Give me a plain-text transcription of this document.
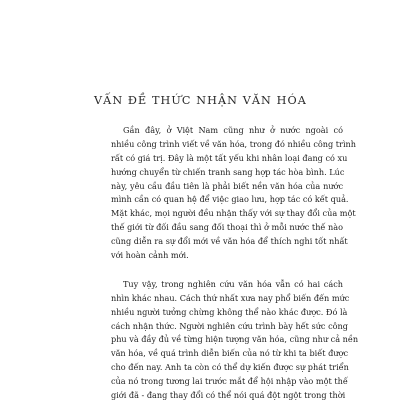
VẤN ĐỀ THỨC NHẬN VĂN HÓA
Gần đây, ở Việt Nam cũng như ở nước ngoài có
nhiều công trình viết về văn hóa, trong đó nhiều công trình
rất có giá trị. Đây là một tất yếu khi nhân loại đang có xu
hướng chuyển từ chiến tranh sang hợp tác hòa bình. Lúc
này, yêu cầu đầu tiên là phải biết nền văn hóa của nước
mình cần có quan hệ để việc giao lưu, hợp tác có kết quả.
Mặt khác, mọi người đều nhận thấy với sự thay đổi của một
thế giới từ đối đầu sang đối thoại thì ở mỗi nước thế nào
cũng diễn ra sự đổi mới về văn hóa để thích nghi tốt nhất
với hoàn cảnh mới.
Tuy vậy, trong nghiên cứu văn hóa vẫn có hai cách
nhìn khác nhau. Cách thứ nhất xưa nay phổ biến đến mức
nhiều người tưởng chừng không thể nào khác được. Đó là
cách nhận thức. Người nghiên cứu trình bày hết sức công
phu và đầy đủ về từng hiện tượng văn hóa, cũng như cả nền
văn hóa, về quá trình diễn biến của nó từ khi ta biết được
cho đến nay. Anh ta còn có thể dự kiến được sự phát triển
của nó trong tương lai trước mắt để hội nhập vào một thế
giới đã - đang thay đổi có thể nói quá đột ngột trong thời
